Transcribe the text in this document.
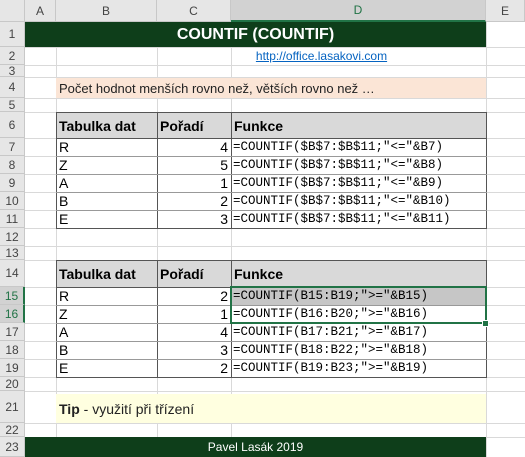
A	B	C	D	E
1
2
3
4
5
6
7
8
9
10
11
12
13
14
15
16
17
18
19
20
21
22
23
COUNTIF (COUNTIF)
http://office.lasakovi.com
Počet hodnot menších rovno než, větších rovno než …
Tabulka dat	Pořadí	Funkce
R	4 =COUNTIF($B$7:$B$11;"<="&B7)
Z	5 =COUNTIF($B$7:$B$11;"<="&B8)
A	1 =COUNTIF($B$7:$B$11;"<="&B9)
B	2 =COUNTIF($B$7:$B$11;"<="&B10)
E	3 =COUNTIF($B$7:$B$11;"<="&B11)
Tabulka dat	Pořadí	Funkce
R	2 =COUNTIF(B15:B19;">="&B15)
Z	1 =COUNTIF(B16:B20;">="&B16)
A	4 =COUNTIF(B17:B21;">="&B17)
B	3 =COUNTIF(B18:B22;">="&B18)
E	2 =COUNTIF(B19:B23;">="&B19)
Tip - využití při třízení
Pavel Lasák 2019
